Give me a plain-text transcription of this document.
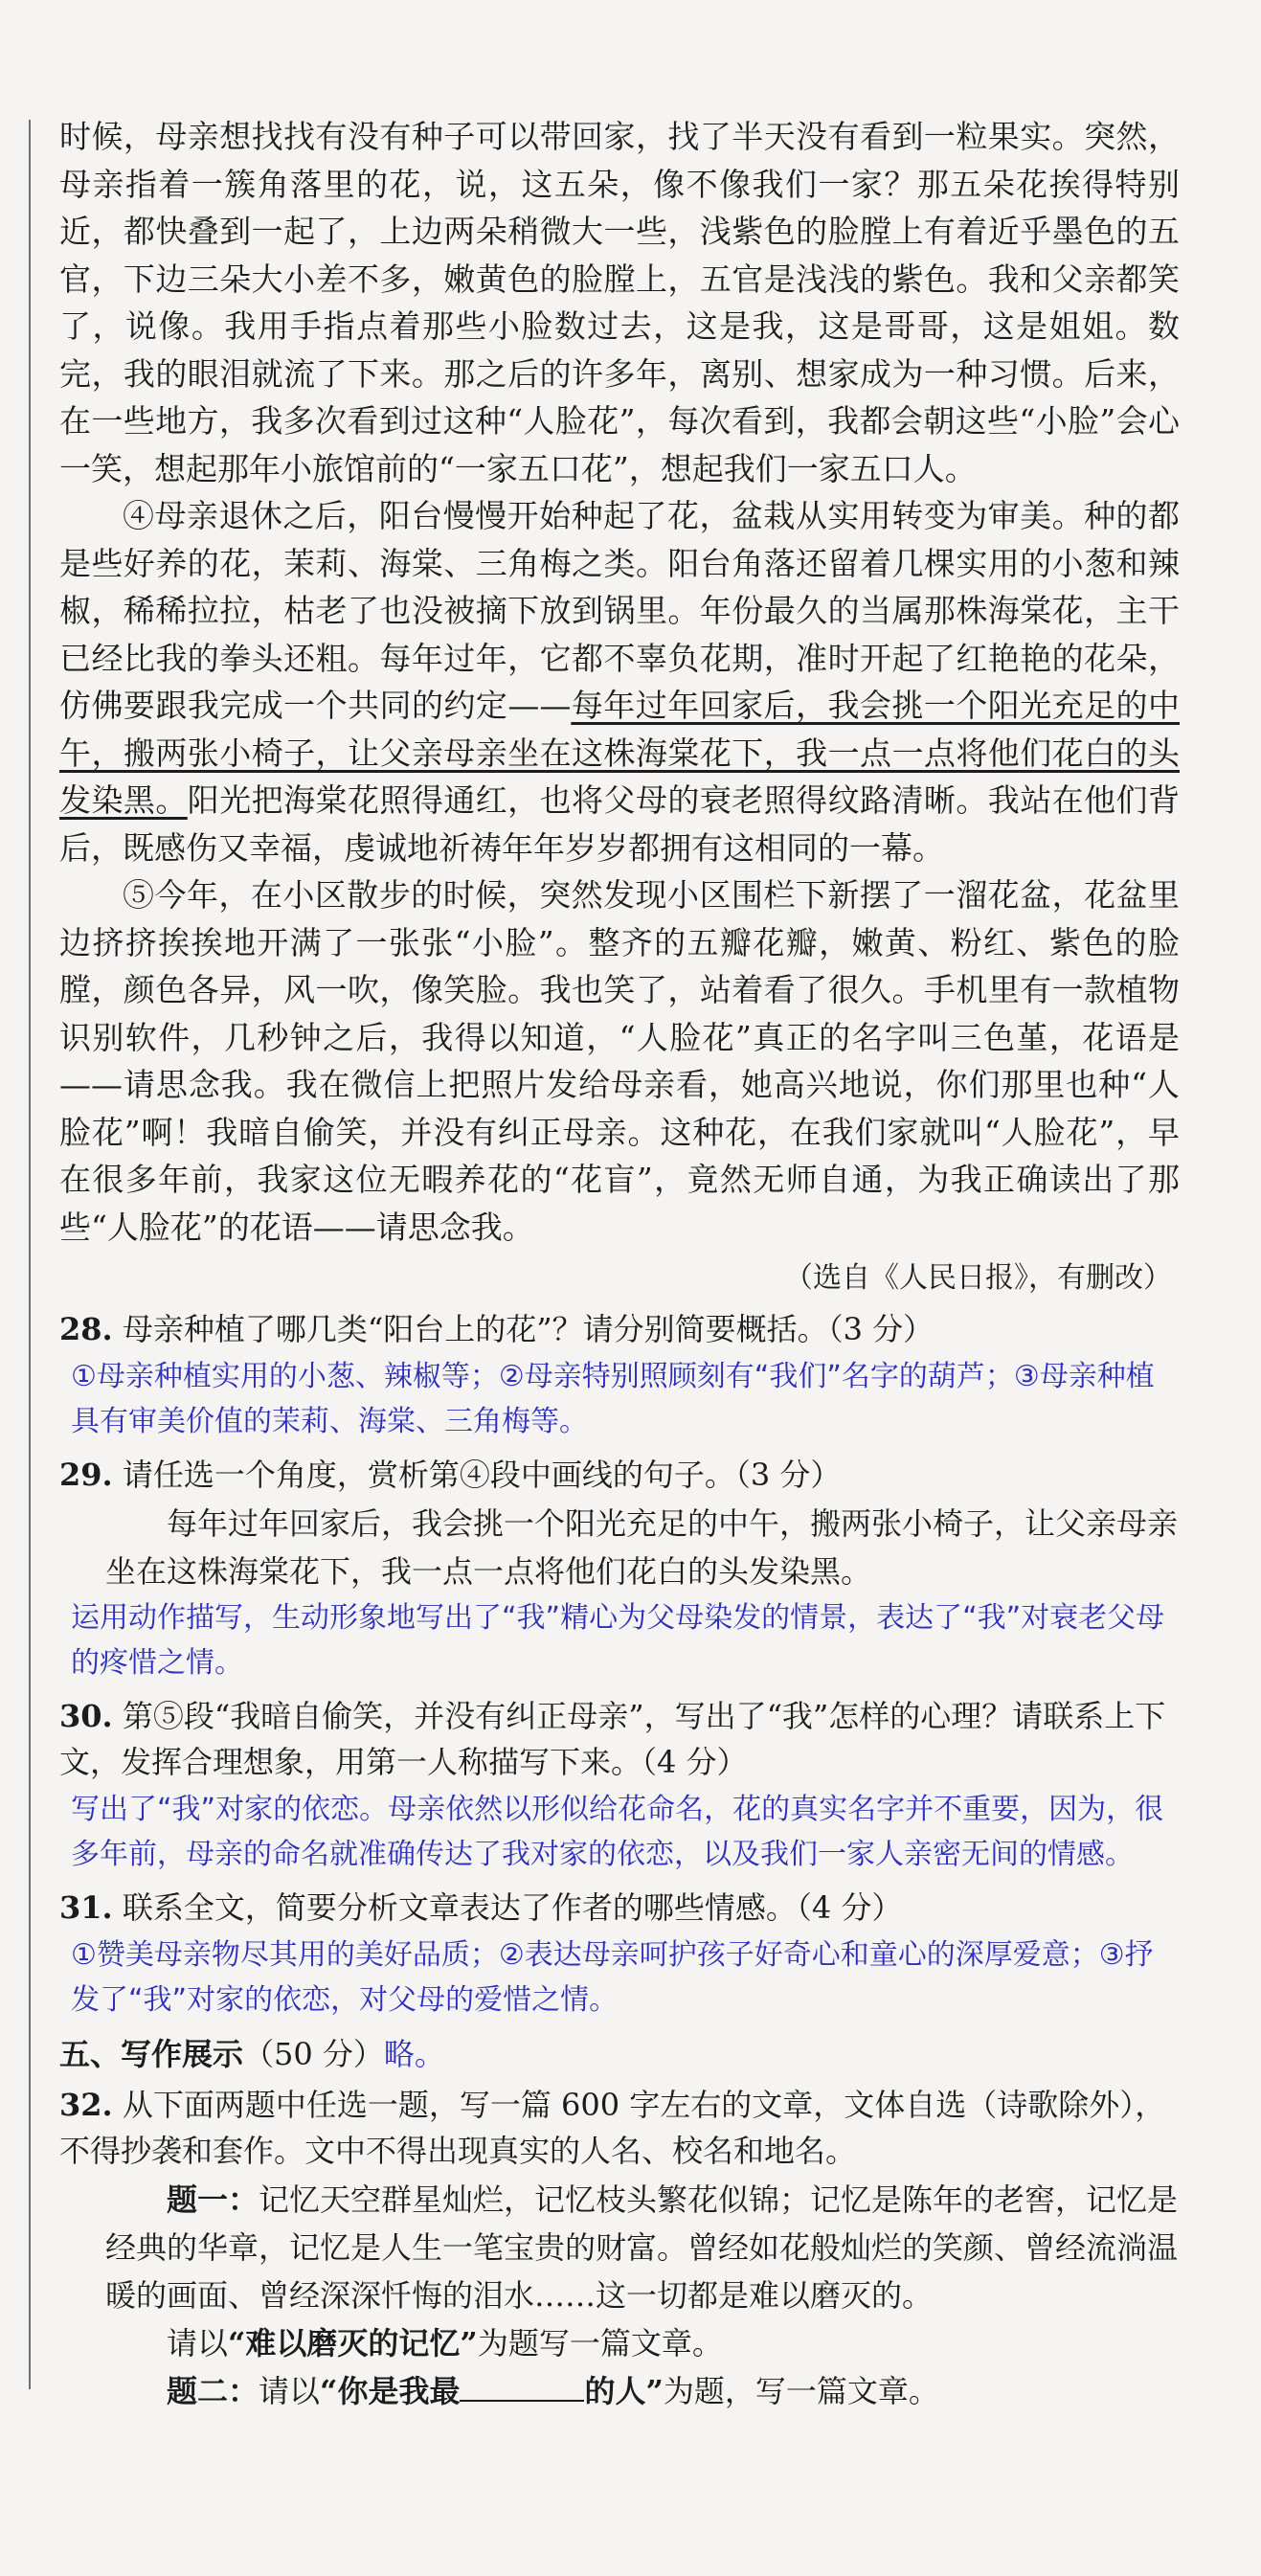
时候，母亲想找找有没有种子可以带回家，找了半天没有看到一粒果实。突然，母亲指着一簇角落里的花，说，这五朵，像不像我们一家？那五朵花挨得特别近，都快叠到一起了，上边两朵稍微大一些，浅紫色的脸膛上有着近乎墨色的五官，下边三朵大小差不多，嫩黄色的脸膛上，五官是浅浅的紫色。我和父亲都笑了，说像。我用手指点着那些小脸数过去，这是我，这是哥哥，这是姐姐。数完，我的眼泪就流了下来。那之后的许多年，离别、想家成为一种习惯。后来，在一些地方，我多次看到过这种“人脸花”，每次看到，我都会朝这些“小脸”会心一笑，想起那年小旅馆前的“一家五口花”，想起我们一家五口人。

④母亲退休之后，阳台慢慢开始种起了花，盆栽从实用转变为审美。种的都是些好养的花，茉莉、海棠、三角梅之类。阳台角落还留着几棵实用的小葱和辣椒，稀稀拉拉，枯老了也没被摘下放到锅里。年份最久的当属那株海棠花，主干已经比我的拳头还粗。每年过年，它都不辜负花期，准时开起了红艳艳的花朵，仿佛要跟我完成一个共同的约定——每年过年回家后，我会挑一个阳光充足的中午，搬两张小椅子，让父亲母亲坐在这株海棠花下，我一点一点将他们花白的头发染黑。阳光把海棠花照得通红，也将父母的衰老照得纹路清晰。我站在他们背后，既感伤又幸福，虔诚地祈祷年年岁岁都拥有这相同的一幕。

⑤今年，在小区散步的时候，突然发现小区围栏下新摆了一溜花盆，花盆里边挤挤挨挨地开满了一张张“小脸”。整齐的五瓣花瓣，嫩黄、粉红、紫色的脸膛，颜色各异，风一吹，像笑脸。我也笑了，站着看了很久。手机里有一款植物识别软件，几秒钟之后，我得以知道，“人脸花”真正的名字叫三色堇，花语是——请思念我。我在微信上把照片发给母亲看，她高兴地说，你们那里也种“人脸花”啊！我暗自偷笑，并没有纠正母亲。这种花，在我们家就叫“人脸花”，早在很多年前，我家这位无暇养花的“花盲”，竟然无师自通，为我正确读出了那些“人脸花”的花语——请思念我。

（选自《人民日报》，有删改）

28. 母亲种植了哪几类“阳台上的花”？请分别简要概括。（3 分）

①母亲种植实用的小葱、辣椒等；②母亲特别照顾刻有“我们”名字的葫芦；③母亲种植具有审美价值的茉莉、海棠、三角梅等。

29. 请任选一个角度，赏析第④段中画线的句子。（3 分）

每年过年回家后，我会挑一个阳光充足的中午，搬两张小椅子，让父亲母亲坐在这株海棠花下，我一点一点将他们花白的头发染黑。

运用动作描写，生动形象地写出了“我”精心为父母染发的情景，表达了“我”对衰老父母的疼惜之情。

30. 第⑤段“我暗自偷笑，并没有纠正母亲”，写出了“我”怎样的心理？请联系上下文，发挥合理想象，用第一人称描写下来。（4 分）

写出了“我”对家的依恋。母亲依然以形似给花命名，花的真实名字并不重要，因为，很多年前，母亲的命名就准确传达了我对家的依恋，以及我们一家人亲密无间的情感。

31. 联系全文，简要分析文章表达了作者的哪些情感。（4 分）

①赞美母亲物尽其用的美好品质；②表达母亲呵护孩子好奇心和童心的深厚爱意；③抒发了“我”对家的依恋，对父母的爱惜之情。

五、写作展示（50 分）略。
32. 从下面两题中任选一题，写一篇 600 字左右的文章，文体自选（诗歌除外），不得抄袭和套作。文中不得出现真实的人名、校名和地名。

题一：记忆天空群星灿烂，记忆枝头繁花似锦；记忆是陈年的老窖，记忆是经典的华章，记忆是人生一笔宝贵的财富。曾经如花般灿烂的笑颜、曾经流淌温暖的画面、曾经深深忏悔的泪水……这一切都是难以磨灭的。

请以“难以磨灭的记忆”为题写一篇文章。

题二：请以“你是我最	的人”为题，写一篇文章。
